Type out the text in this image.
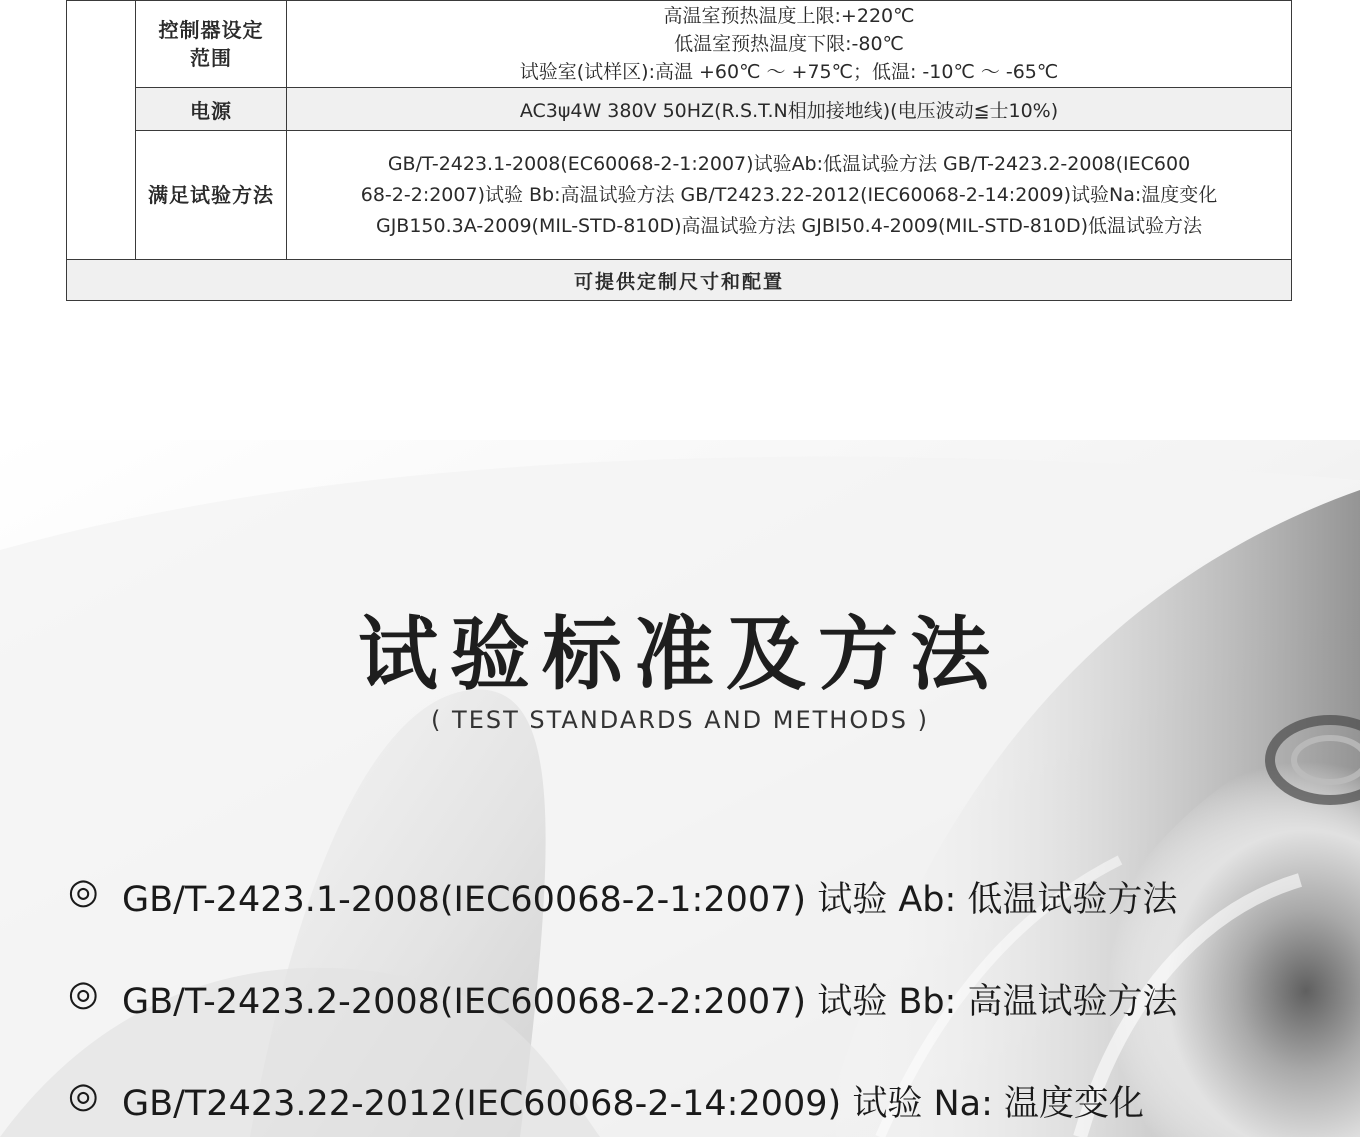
	控制器设定
范围	高温室预热温度上限:+220℃
低温室预热温度下限:-80℃
试验室(试样区):高温 +60℃ ～ +75℃；低温: -10℃ ～ -65℃

	电源	AC3ψ4W 380V 50HZ(R.S.T.N相加接地线)(电压波动≦士10%)
	满足试验方法	GB/T-2423.1-2008(EC60068-2-1:2007)试验Ab:低温试验方法 GB/T-2423.2-2008(IEC600
68-2-2:2007)试验 Bb:高温试验方法 GB/T2423.22-2012(IEC60068-2-14:2009)试验Na:温度变化
GJB150.3A-2009(MIL-STD-810D)高温试验方法 GJBI50.4-2009(MIL-STD-810D)低温试验方法

可提供定制尺寸和配置		
试验标准及方法
( TEST STANDARDS AND METHODS )
◎ GB/T-2423.1-2008(IEC60068-2-1:2007) 试验 Ab: 低温试验方法
◎ GB/T-2423.2-2008(IEC60068-2-2:2007) 试验 Bb: 高温试验方法
◎ GB/T2423.22-2012(IEC60068-2-14:2009) 试验 Na: 温度变化
